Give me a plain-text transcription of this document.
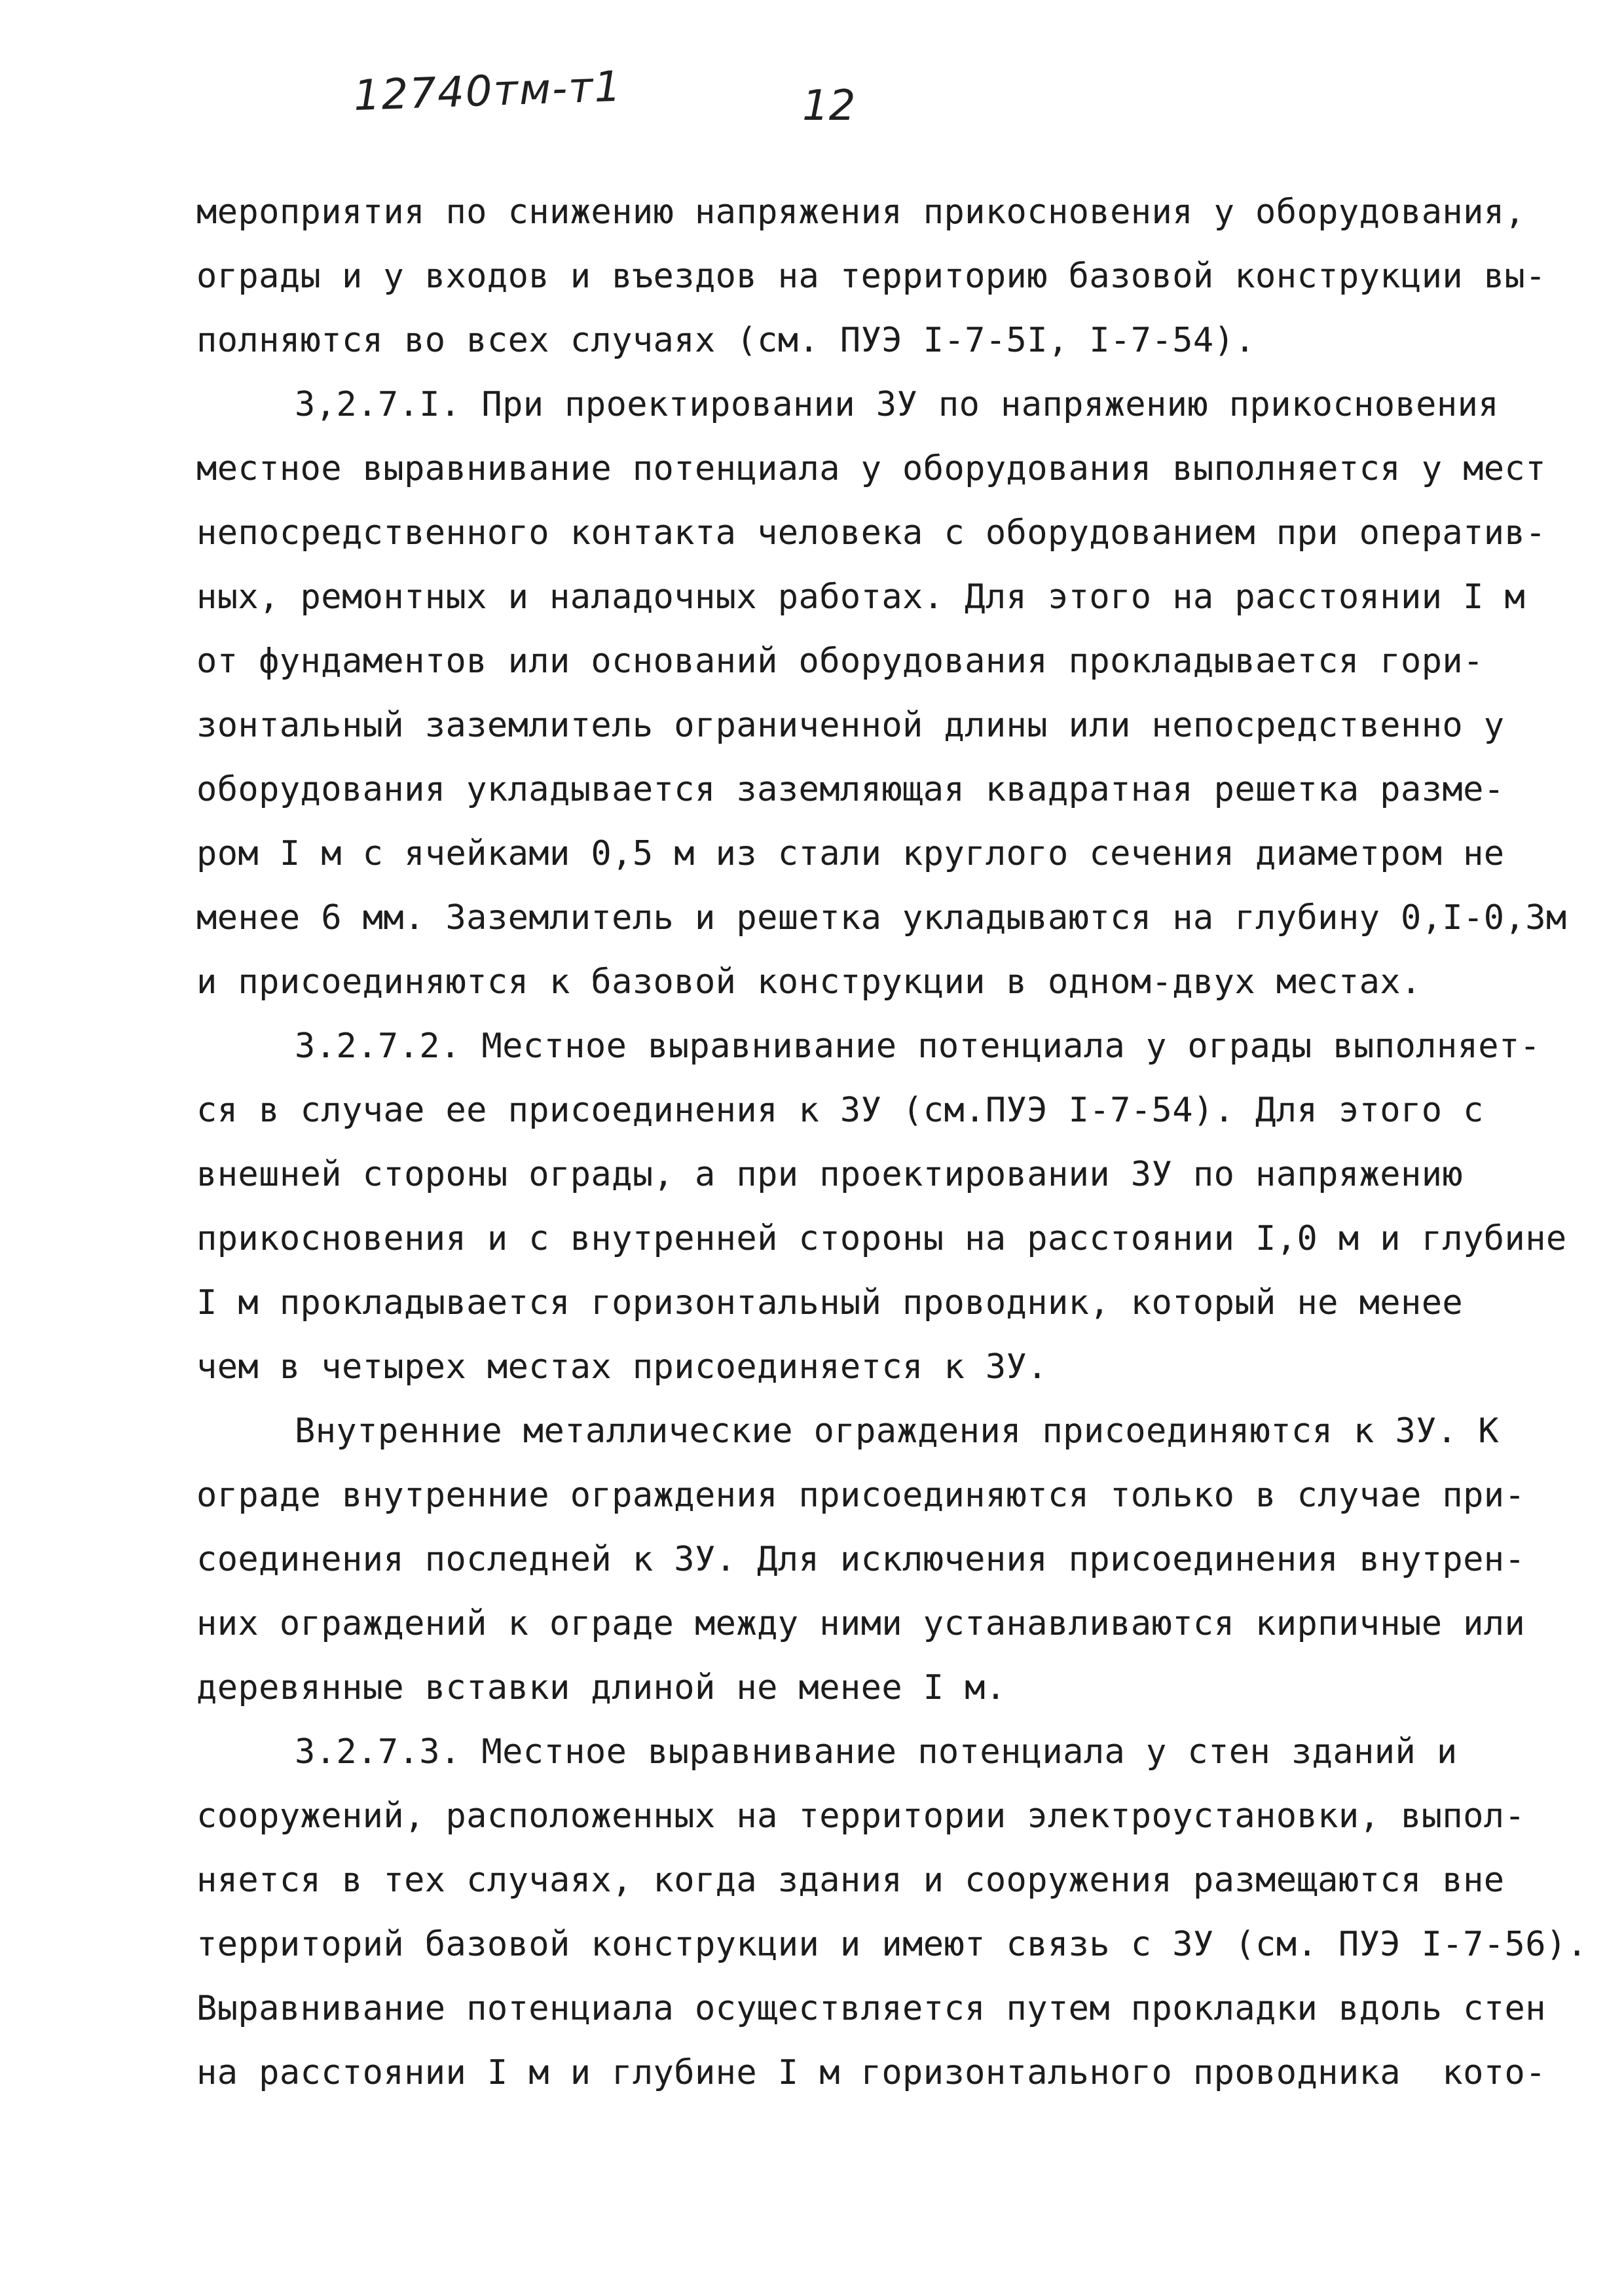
12740тм-т1	12
мероприятия по снижению напряжения прикосновения у оборудования,
ограды и у входов и въездов на территорию базовой конструкции вы-
полняются во всех случаях (см. ПУЭ I-7-5I, I-7-54).
3,2.7.I. При проектировании ЗУ по напряжению прикосновения
местное выравнивание потенциала у оборудования выполняется у мест
непосредственного контакта человека с оборудованием при оператив-
ных, ремонтных и наладочных работах. Для этого на расстоянии I м
от фундаментов или оснований оборудования прокладывается гори-
зонтальный заземлитель ограниченной длины или непосредственно у
оборудования укладывается заземляющая квадратная решетка разме-
ром I м с ячейками 0,5 м из стали круглого сечения диаметром не
менее 6 мм. Заземлитель и решетка укладываются на глубину 0,I-0,3м
и присоединяются к базовой конструкции в одном-двух местах.
3.2.7.2. Местное выравнивание потенциала у ограды выполняет-
ся в случае ее присоединения к ЗУ (см.ПУЭ I-7-54). Для этого с
внешней стороны ограды, а при проектировании ЗУ по напряжению
прикосновения и с внутренней стороны на расстоянии I,0 м и глубине
I м прокладывается горизонтальный проводник, который не менее
чем в четырех местах присоединяется к ЗУ.
Внутренние металлические ограждения присоединяются к ЗУ. К
ограде внутренние ограждения присоединяются только в случае при-
соединения последней к ЗУ. Для исключения присоединения внутрен-
них ограждений к ограде между ними устанавливаются кирпичные или
деревянные вставки длиной не менее I м.
3.2.7.3. Местное выравнивание потенциала у стен зданий и
сооружений, расположенных на территории электроустановки, выпол-
няется в тех случаях, когда здания и сооружения размещаются вне
территорий базовой конструкции и имеют связь с ЗУ (см. ПУЭ I-7-56).
Выравнивание потенциала осуществляется путем прокладки вдоль стен
на расстоянии I м и глубине I м горизонтального проводника  кото-
